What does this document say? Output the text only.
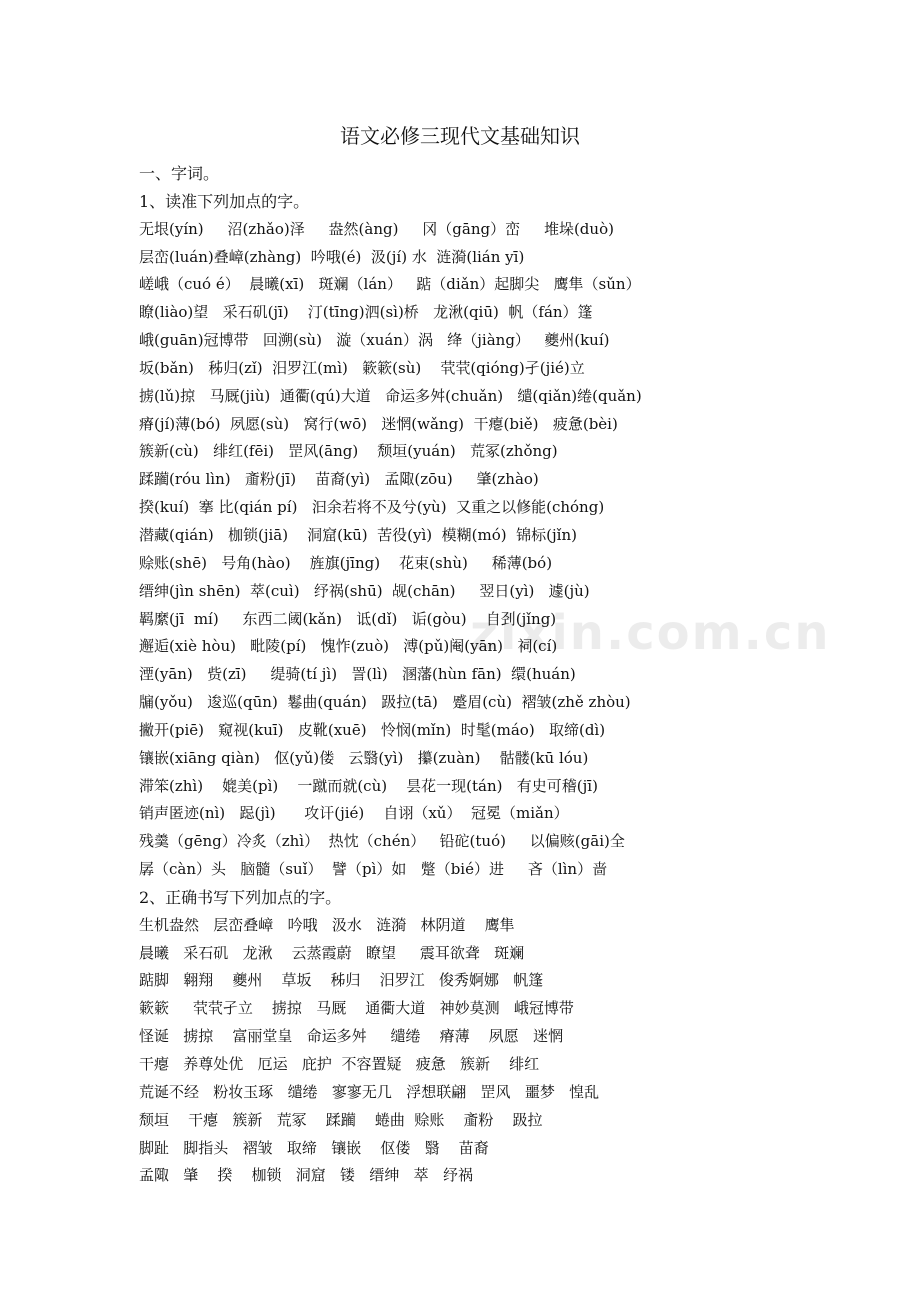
语文必修三现代文基础知识
一、字词。
1、读准下列加点的字。
无垠(yín)     沼(zhǎo)泽     盎然(àng)     冈（gāng）峦     堆垛(duò)
层峦(luán)叠嶂(zhàng)  吟哦(é)  汲(jí) 水  涟漪(lián yī)
嵯峨（cuó é）  晨曦(xī)   斑斓（lán）   踮（diǎn）起脚尖   鹰隼（sǔn）
瞭(liào)望   采石矶(jī)    汀(tīng)泗(sì)桥   龙湫(qiū)  帆（fán）篷
峨(guān)冠博带   回溯(sù)   漩（xuán）涡   绛（jiàng）   夔州(kuí)
坂(bǎn)   秭归(zǐ)  汨罗江(mì)   簌簌(sù)    茕茕(qióng)孑(jié)立
掳(lǔ)掠   马厩(jiù)  通衢(qú)大道   命运多舛(chuǎn)   缱(qiǎn)绻(quǎn)
瘠(jí)薄(bó)  夙愿(sù)   窝行(wō)   迷惘(wǎng)  干瘪(biě)   疲惫(bèi)
簇新(cù)   绯红(fēi)   罡风(āng)    颓垣(yuán)   荒冢(zhǒng)
蹂躏(róu lìn)   齑粉(jī)    苗裔(yì)   孟陬(zōu)     肇(zhào)
揆(kuí)  搴 比(qián pí)   汩余若将不及兮(yù)  又重之以修能(chóng)
潜藏(qián)   枷锁(jiā)    洞窟(kū)  苦役(yì)  模糊(mó)  锦标(jǐn)
赊账(shē)   号角(hào)    旌旗(jīng)    花束(shù)     稀薄(bó)
缙绅(jìn shēn)  萃(cuì)   纾祸(shū)  觇(chān)     翌日(yì)   遽(jù)
羁縻(jī  mí)     东西二阈(kǎn)   诋(dǐ)   诟(gòu)    自刭(jǐng)
邂逅(xiè hòu)   毗陵(pí)   愧怍(zuò)   溥(pǔ)阉(yān)   祠(cí)
湮(yān)   赀(zī)     缇骑(tí jì)   詈(lì)   溷藩(hùn fān)  缳(huán)
牖(yǒu)   逡巡(qūn)  鬈曲(quán)   趿拉(tā)   蹙眉(cù)  褶皱(zhě zhòu)
撇开(piē)   窥视(kuī)   皮靴(xuē)   怜悯(mǐn)  时髦(máo)   取缔(dì)
镶嵌(xiāng qiàn)   伛(yǔ)偻   云翳(yì)   攥(zuàn)    骷髅(kū lóu)
滞笨(zhì)    媲美(pì)    一蹴而就(cù)    昙花一现(tán)   有史可稽(jī)
销声匿迹(nì)   跽(jì)      攻讦(jié)    自诩（xǔ）  冠冕（miǎn）
残羹（gēng）冷炙（zhì）  热忱（chén）   铅砣(tuó)     以偏赅(gāi)全
孱（càn）头   脑髓（suǐ）  譬（pì）如   蹩（bié）进     吝（lìn）啬
2、正确书写下列加点的字。
生机盎然   层峦叠嶂   吟哦   汲水   涟漪   林阴道    鹰隼
晨曦   采石矶   龙湫    云蒸霞蔚   瞭望     震耳欲聋   斑斓
踮脚   翱翔    夔州    草坂    秭归    汨罗江   俊秀婀娜   帆篷
簌簌     茕茕孑立    掳掠   马厩    通衢大道   神妙莫测   峨冠博带
怪诞   掳掠    富丽堂皇   命运多舛     缱绻    瘠薄    夙愿   迷惘
干瘪   养尊处优   厄运   庇护  不容置疑   疲惫   簇新    绯红
荒诞不经   粉妆玉琢   缱绻   寥寥无几   浮想联翩   罡风   噩梦   惶乱
颓垣    干瘪   簇新   荒冢    蹂躏    蜷曲  赊账    齑粉    趿拉
脚趾   脚指头   褶皱   取缔   镶嵌    伛偻   翳    苗裔
孟陬   肇    揆    枷锁   洞窟   镂   缙绅   萃   纾祸
zixin.com.cn
